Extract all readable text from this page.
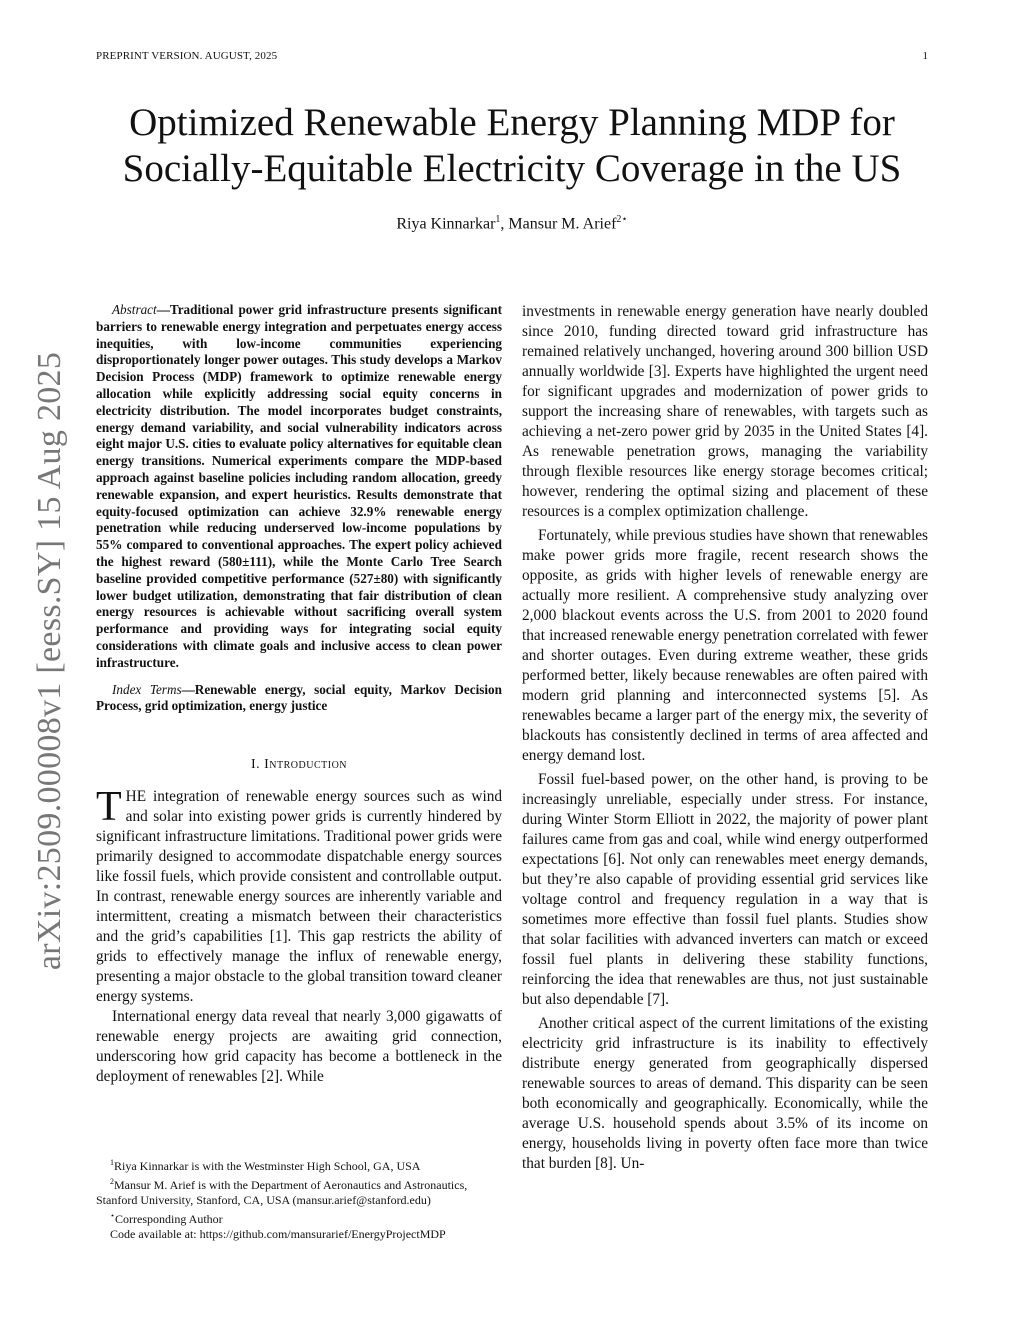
PREPRINT VERSION. AUGUST, 2025	1
arXiv:2509.00008v1 [eess.SY] 15 Aug 2025
Optimized Renewable Energy Planning MDP for
Socially-Equitable Electricity Coverage in the US
Riya Kinnarkar$^1$, Mansur M. Arief$^{2⋆}$

Abstract—Traditional power grid infrastructure presents significant barriers to renewable energy integration and perpetuates energy access inequities, with low-income communities experiencing disproportionately longer power outages. This study develops a Markov Decision Process (MDP) framework to optimize renewable energy allocation while explicitly addressing social equity concerns in electricity distribution. The model incorporates budget constraints, energy demand variability, and social vulnerability indicators across eight major U.S. cities to evaluate policy alternatives for equitable clean energy transitions. Numerical experiments compare the MDP-based approach against baseline policies including random allocation, greedy renewable expansion, and expert heuristics. Results demonstrate that equity-focused optimization can achieve 32.9% renewable energy penetration while reducing underserved low-income populations by 55% compared to conventional approaches. The expert policy achieved the highest reward (580±111), while the Monte Carlo Tree Search baseline provided competitive performance (527±80) with significantly lower budget utilization, demonstrating that fair distribution of clean energy resources is achievable without sacrificing overall system performance and providing ways for integrating social equity considerations with climate goals and inclusive access to clean power infrastructure.

Index Terms—Renewable energy, social equity, Markov Decision Process, grid optimization, energy justice

I. Introduction

THE integration of renewable energy sources such as wind and solar into existing power grids is currently hindered by significant infrastructure limitations. Traditional power grids were primarily designed to accommodate dispatchable energy sources like fossil fuels, which provide consistent and controllable output. In contrast, renewable energy sources are inherently variable and intermittent, creating a mismatch between their characteristics and the grid’s capabilities [1]. This gap restricts the ability of grids to effectively manage the influx of renewable energy, presenting a major obstacle to the global transition toward cleaner energy systems.

International energy data reveal that nearly 3,000 gigawatts of renewable energy projects are awaiting grid connection, underscoring how grid capacity has become a bottleneck in the deployment of renewables [2]. While

investments in renewable energy generation have nearly doubled since 2010, funding directed toward grid infrastructure has remained relatively unchanged, hovering around 300 billion USD annually worldwide [3]. Experts have highlighted the urgent need for significant upgrades and modernization of power grids to support the increasing share of renewables, with targets such as achieving a net-zero power grid by 2035 in the United States [4]. As renewable penetration grows, managing the variability through flexible resources like energy storage becomes critical; however, rendering the optimal sizing and placement of these resources is a complex optimization challenge.

Fortunately, while previous studies have shown that renewables make power grids more fragile, recent research shows the opposite, as grids with higher levels of renewable energy are actually more resilient. A comprehensive study analyzing over 2,000 blackout events across the U.S. from 2001 to 2020 found that increased renewable energy penetration correlated with fewer and shorter outages. Even during extreme weather, these grids performed better, likely because renewables are often paired with modern grid planning and interconnected systems [5]. As renewables became a larger part of the energy mix, the severity of blackouts has consistently declined in terms of area affected and energy demand lost.

Fossil fuel-based power, on the other hand, is proving to be increasingly unreliable, especially under stress. For instance, during Winter Storm Elliott in 2022, the majority of power plant failures came from gas and coal, while wind energy outperformed expectations [6]. Not only can renewables meet energy demands, but they’re also capable of providing essential grid services like voltage control and frequency regulation in a way that is sometimes more effective than fossil fuel plants. Studies show that solar facilities with advanced inverters can match or exceed fossil fuel plants in delivering these stability functions, reinforcing the idea that renewables are thus, not just sustainable but also dependable [7].

Another critical aspect of the current limitations of the existing electricity grid infrastructure is its inability to effectively distribute energy generated from geographically dispersed renewable sources to areas of demand. This disparity can be seen both economically and geographically. Economically, while the average U.S. household spends about 3.5% of its income on energy, households living in poverty often face more than twice that burden [8]. Un-

$^1$Riya Kinnarkar is with the Westminster High School, GA, USA
$^2$Mansur M. Arief is with the Department of Aeronautics and Astronautics, Stanford University, Stanford, CA, USA (mansur.arief@stanford.edu)
⋆Corresponding Author
Code available at: https://github.com/mansurarief/EnergyProjectMDP
